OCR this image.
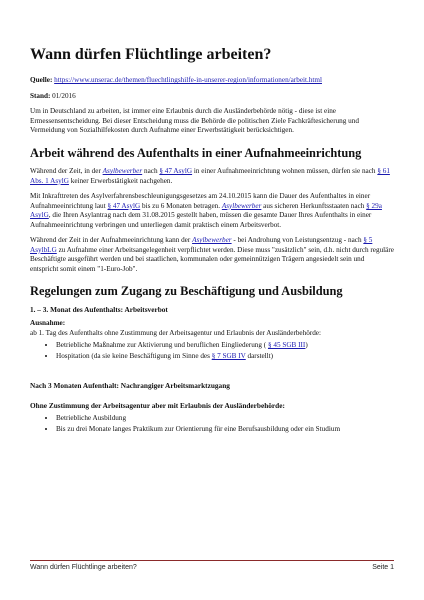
Wann dürfen Flüchtlinge arbeiten?

Quelle: https://www.unserac.de/themen/fluechtlingshilfe-in-unserer-region/informationen/arbeit.html

Stand: 01/2016

Um in Deutschland zu arbeiten, ist immer eine Erlaubnis durch die Ausländerbehörde nötig - diese ist eine Ermessensentscheidung. Bei dieser Entscheidung muss die Behörde die politischen Ziele Fachkräftesicherung und Vermeidung von Sozialhilfekosten durch Aufnahme einer Erwerbstätigkeit berücksichtigen.

Arbeit während des Aufenthalts in einer Aufnahmeeinrichtung

Während der Zeit, in der Asylbewerber nach § 47 AsylG in einer Aufnahmeeinrichtung wohnen müssen, dürfen sie nach § 61 Abs. 1 AsylG keiner Erwerbstätigkeit nachgehen.

Mit Inkrafttreten des Asylverfahrensbeschleunigungsgesetzes am 24.10.2015 kann die Dauer des Aufenthaltes in einer Aufnahmeeinrichtung laut § 47 AsylG bis zu 6 Monaten betragen. Asylbewerber aus sicheren Herkunftsstaaten nach § 29a AsylG, die Ihren Asylantrag nach dem 31.08.2015 gestellt haben, müssen die gesamte Dauer Ihres Aufenthalts in einer Aufnahmeeinrichtung verbringen und unterliegen damit praktisch einem Arbeitsverbot.

Während der Zeit in der Aufnahmeeinrichtung kann der Asylbewerber - bei Androhung von Leistungsentzug - nach § 5 AsylbLG zu Aufnahme einer Arbeitsangelegenheit verpflichtet werden. Diese muss "zusätzlich" sein, d.h. nicht durch reguläre Beschäftigte ausgeführt werden und bei staatlichen, kommunalen oder gemeinnützigen Trägern angesiedelt sein und entspricht somit einem "1-Euro-Job".

Regelungen zum Zugang zu Beschäftigung und Ausbildung

1. – 3. Monat des Aufenthalts: Arbeitsverbot

Ausnahme:
ab 1. Tag des Aufenthalts ohne Zustimmung der Arbeitsagentur und Erlaubnis der Ausländerbehörde:

• Betriebliche Maßnahme zur Aktivierung und beruflichen Eingliederung ( § 45 SGB III)
• Hospitation (da sie keine Beschäftigung im Sinne des § 7 SGB IV darstellt)

Nach 3 Monaten Aufenthalt: Nachrangiger Arbeitsmarktzugang

Ohne Zustimmung der Arbeitsagentur aber mit Erlaubnis der Ausländerbehörde:

• Betriebliche Ausbildung
• Bis zu drei Monate langes Praktikum zur Orientierung für eine Berufsausbildung oder ein Studium
Wann dürfen Flüchtlinge arbeiten?	Seite 1
